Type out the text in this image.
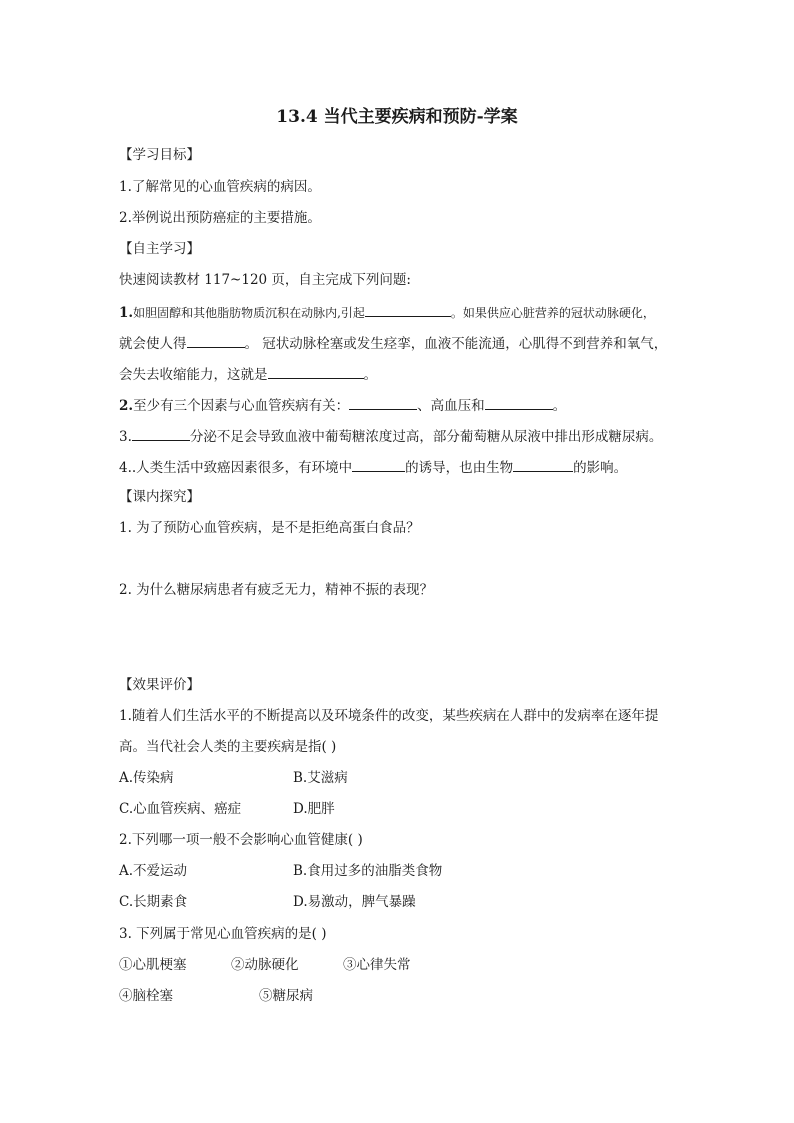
13.4 当代主要疾病和预防-学案
【学习目标】
1.了解常见的心血管疾病的病因。
2.举例说出预防癌症的主要措施。
【自主学习】
快速阅读教材 117~120 页，自主完成下列问题:
1.如胆固醇和其他脂肪物质沉积在动脉内,引起	。如果供应心脏营养的冠状动脉硬化，
就会使人得	。 冠状动脉栓塞或发生痉挛，血液不能流通，心肌得不到营养和氧气，
会失去收缩能力，这就是	。
2.至少有三个因素与心血管疾病有关：	、高血压和	。
3.	分泌不足会导致血液中葡萄糖浓度过高，部分葡萄糖从尿液中排出形成糖尿病。
4..人类生活中致癌因素很多，有环境中	的诱导，也由生物	的影响。
【课内探究】
1. 为了预防心血管疾病，是不是拒绝高蛋白食品？
2. 为什么糖尿病患者有疲乏无力，精神不振的表现？
【效果评价】
1.随着人们生活水平的不断提高以及环境条件的改变，某些疾病在人群中的发病率在逐年提
高。当代社会人类的主要疾病是指( )
A.传染病	B.艾滋病
C.心血管疾病、癌症	D.肥胖
2.下列哪一项一般不会影响心血管健康( )
A.不爱运动	B.食用过多的油脂类食物
C.长期素食	D.易激动，脾气暴躁
3. 下列属于常见心血管疾病的是( )
①心肌梗塞	②动脉硬化	③心律失常
④脑栓塞	⑤糖尿病
